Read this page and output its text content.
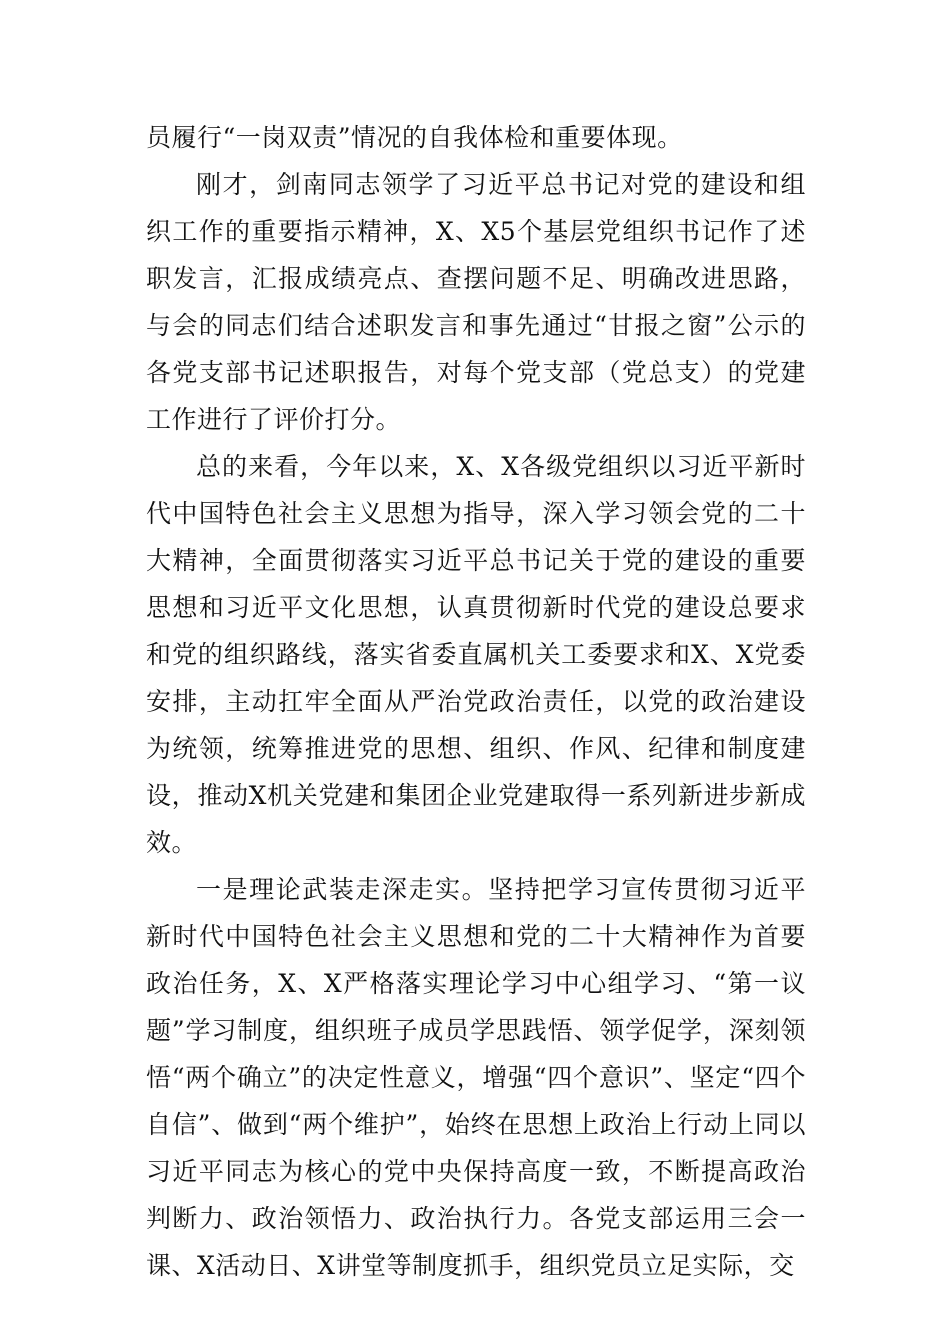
员履行“一岗双责”情况的自我体检和重要体现。

刚才，剑南同志领学了习近平总书记对党的建设和组织工作的重要指示精神，X、X5个基层党组织书记作了述职发言，汇报成绩亮点、查摆问题不足、明确改进思路，与会的同志们结合述职发言和事先通过“甘报之窗”公示的各党支部书记述职报告，对每个党支部（党总支）的党建工作进行了评价打分。

总的来看，今年以来，X、X各级党组织以习近平新时代中国特色社会主义思想为指导，深入学习领会党的二十大精神，全面贯彻落实习近平总书记关于党的建设的重要思想和习近平文化思想，认真贯彻新时代党的建设总要求和党的组织路线，落实省委直属机关工委要求和X、X党委安排，主动扛牢全面从严治党政治责任，以党的政治建设为统领，统筹推进党的思想、组织、作风、纪律和制度建设，推动X机关党建和集团企业党建取得一系列新进步新成效。

一是理论武装走深走实。坚持把学习宣传贯彻习近平新时代中国特色社会主义思想和党的二十大精神作为首要政治任务，X、X严格落实理论学习中心组学习、“第一议题”学习制度，组织班子成员学思践悟、领学促学，深刻领悟“两个确立”的决定性意义，增强“四个意识”、坚定“四个自信”、做到“两个维护”，始终在思想上政治上行动上同以习近平同志为核心的党中央保持高度一致，不断提高政治判断力、政治领悟力、政治执行力。各党支部运用三会一课、X活动日、X讲堂等制度抓手，组织党员立足实际，交
